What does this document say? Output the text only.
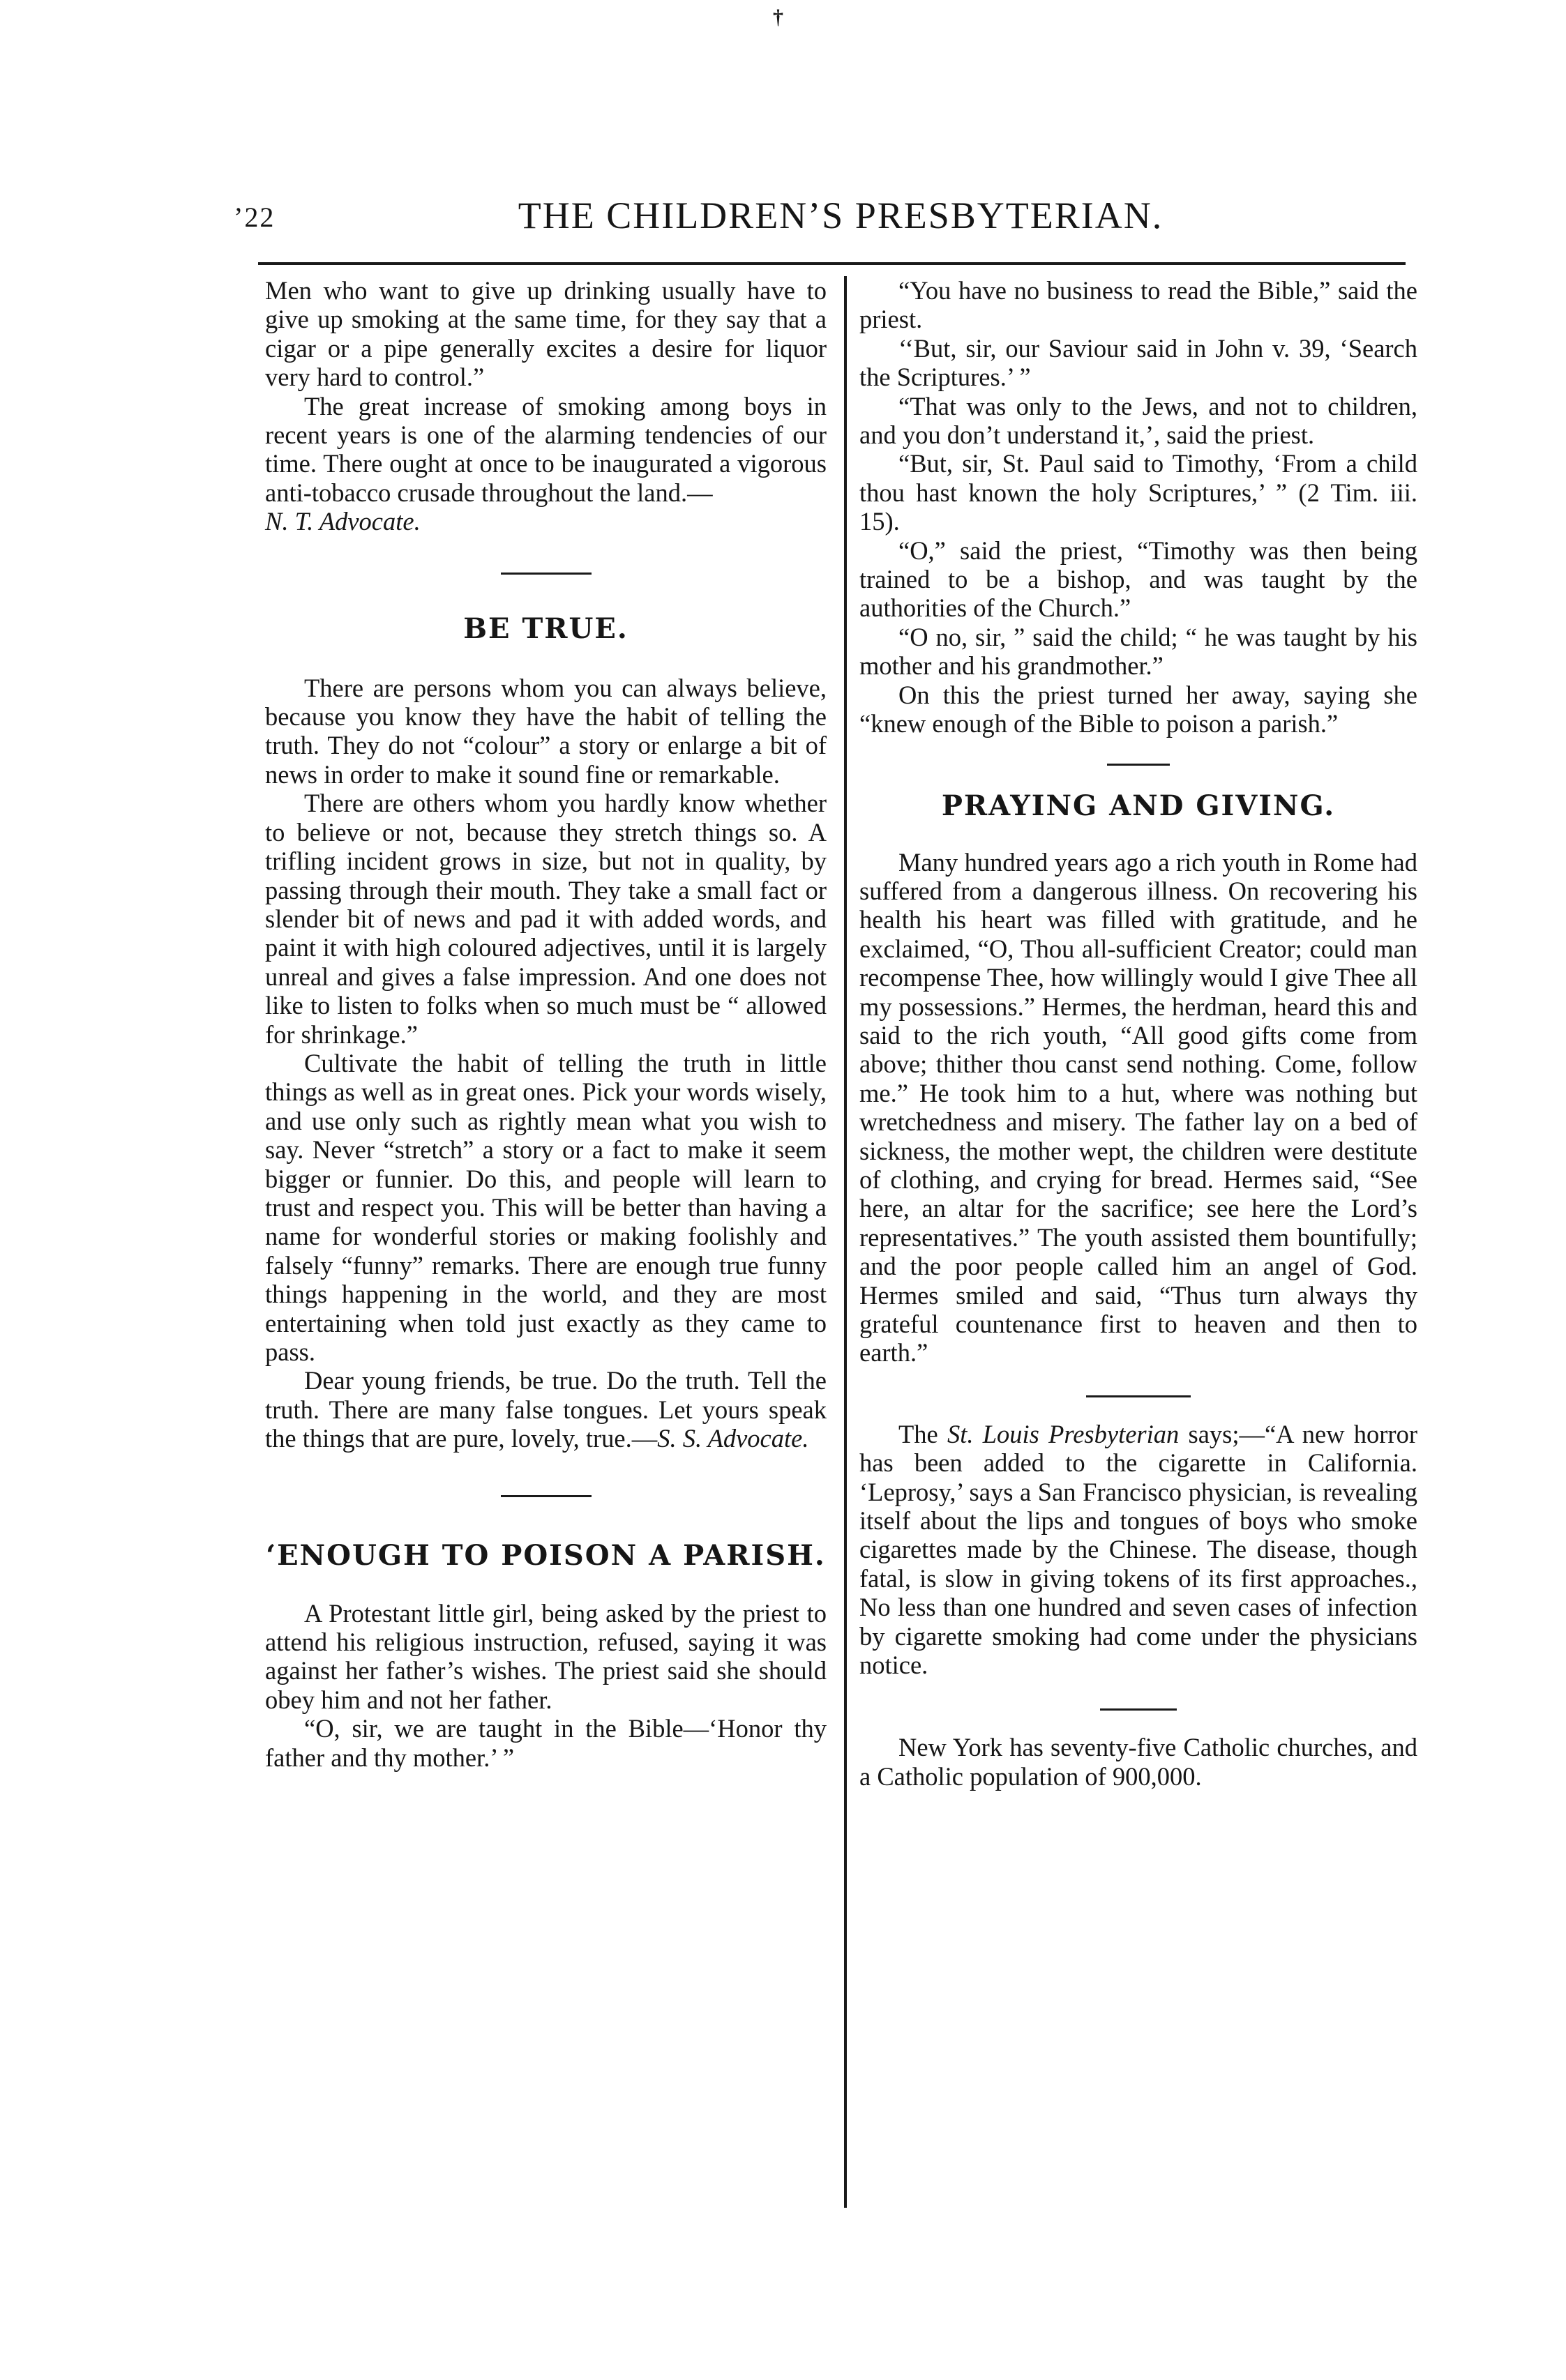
†
’22	THE CHILDREN’S PRESBYTERIAN.

Men who want to give up drinking usually have to give up smoking at the same time, for they say that a cigar or a pipe generally excites a desire for liquor very hard to control.”

The great increase of smoking among boys in recent years is one of the alarming tendencies of our time. There ought at once to be inaugurated a vigorous anti-tobacco crusade throughout the land.—
N. T. Advocate.

BE TRUE.

There are persons whom you can always believe, because you know they have the habit of telling the truth. They do not “colour” a story or enlarge a bit of news in order to make it sound fine or remarkable.

There are others whom you hardly know whether to believe or not, because they stretch things so. A trifling incident grows in size, but not in quality, by passing through their mouth. They take a small fact or slender bit of news and pad it with added words, and paint it with high coloured adjectives, until it is largely unreal and gives a false impression. And one does not like to listen to folks when so much must be “ allowed for shrinkage.”

Cultivate the habit of telling the truth in little things as well as in great ones. Pick your words wisely, and use only such as rightly mean what you wish to say. Never “stretch” a story or a fact to make it seem bigger or funnier. Do this, and people will learn to trust and respect you. This will be better than having a name for wonderful stories or making foolishly and falsely “funny” remarks. There are enough true funny things happening in the world, and they are most entertaining when told just exactly as they came to pass.

Dear young friends, be true. Do the truth. Tell the truth. There are many false tongues. Let yours speak the things that are pure, lovely, true.—S. S. Advocate.

‘ENOUGH TO POISON A PARISH.

A Protestant little girl, being asked by the priest to attend his religious instruction, refused, saying it was against her father’s wishes. The priest said she should obey him and not her father.

“O, sir, we are taught in the Bible—‘Honor thy father and thy mother.’ ”

“You have no business to read the Bible,” said the priest.

‘‘But, sir, our Saviour said in John v. 39, ‘Search the Scriptures.’ ”

“That was only to the Jews, and not to children, and you don’t understand it,’, said the priest.

“But, sir, St. Paul said to Timothy, ‘From a child thou hast known the holy Scriptures,’ ” (2 Tim. iii. 15).

“O,” said the priest, “Timothy was then being trained to be a bishop, and was taught by the authorities of the Church.”

“O no, sir, ” said the child; “ he was taught by his mother and his grandmother.”

On this the priest turned her away, saying she “knew enough of the Bible to poison a parish.”

PRAYING AND GIVING.

Many hundred years ago a rich youth in Rome had suffered from a dangerous illness. On recovering his health his heart was filled with gratitude, and he exclaimed, “O, Thou all-sufficient Creator; could man recompense Thee, how willingly would I give Thee all my possessions.” Hermes, the herdman, heard this and said to the rich youth, “All good gifts come from above; thither thou canst send nothing. Come, follow me.” He took him to a hut, where was nothing but wretchedness and misery. The father lay on a bed of sickness, the mother wept, the children were destitute of clothing, and crying for bread. Hermes said, “See here, an altar for the sacrifice; see here the Lord’s representatives.” The youth assisted them bountifully; and the poor people called him an angel of God. Hermes smiled and said, “Thus turn always thy grateful countenance first to heaven and then to earth.”

The St. Louis Presbyterian says;—“A new horror has been added to the cigarette in California. ‘Leprosy,’ says a San Francisco physician, is revealing itself about the lips and tongues of boys who smoke cigarettes made by the Chinese. The disease, though fatal, is slow in giving tokens of its first approaches., No less than one hundred and seven cases of infection by cigarette smoking had come under the physicians notice.

New York has seventy-five Catholic churches, and a Catholic population of 900,000.
